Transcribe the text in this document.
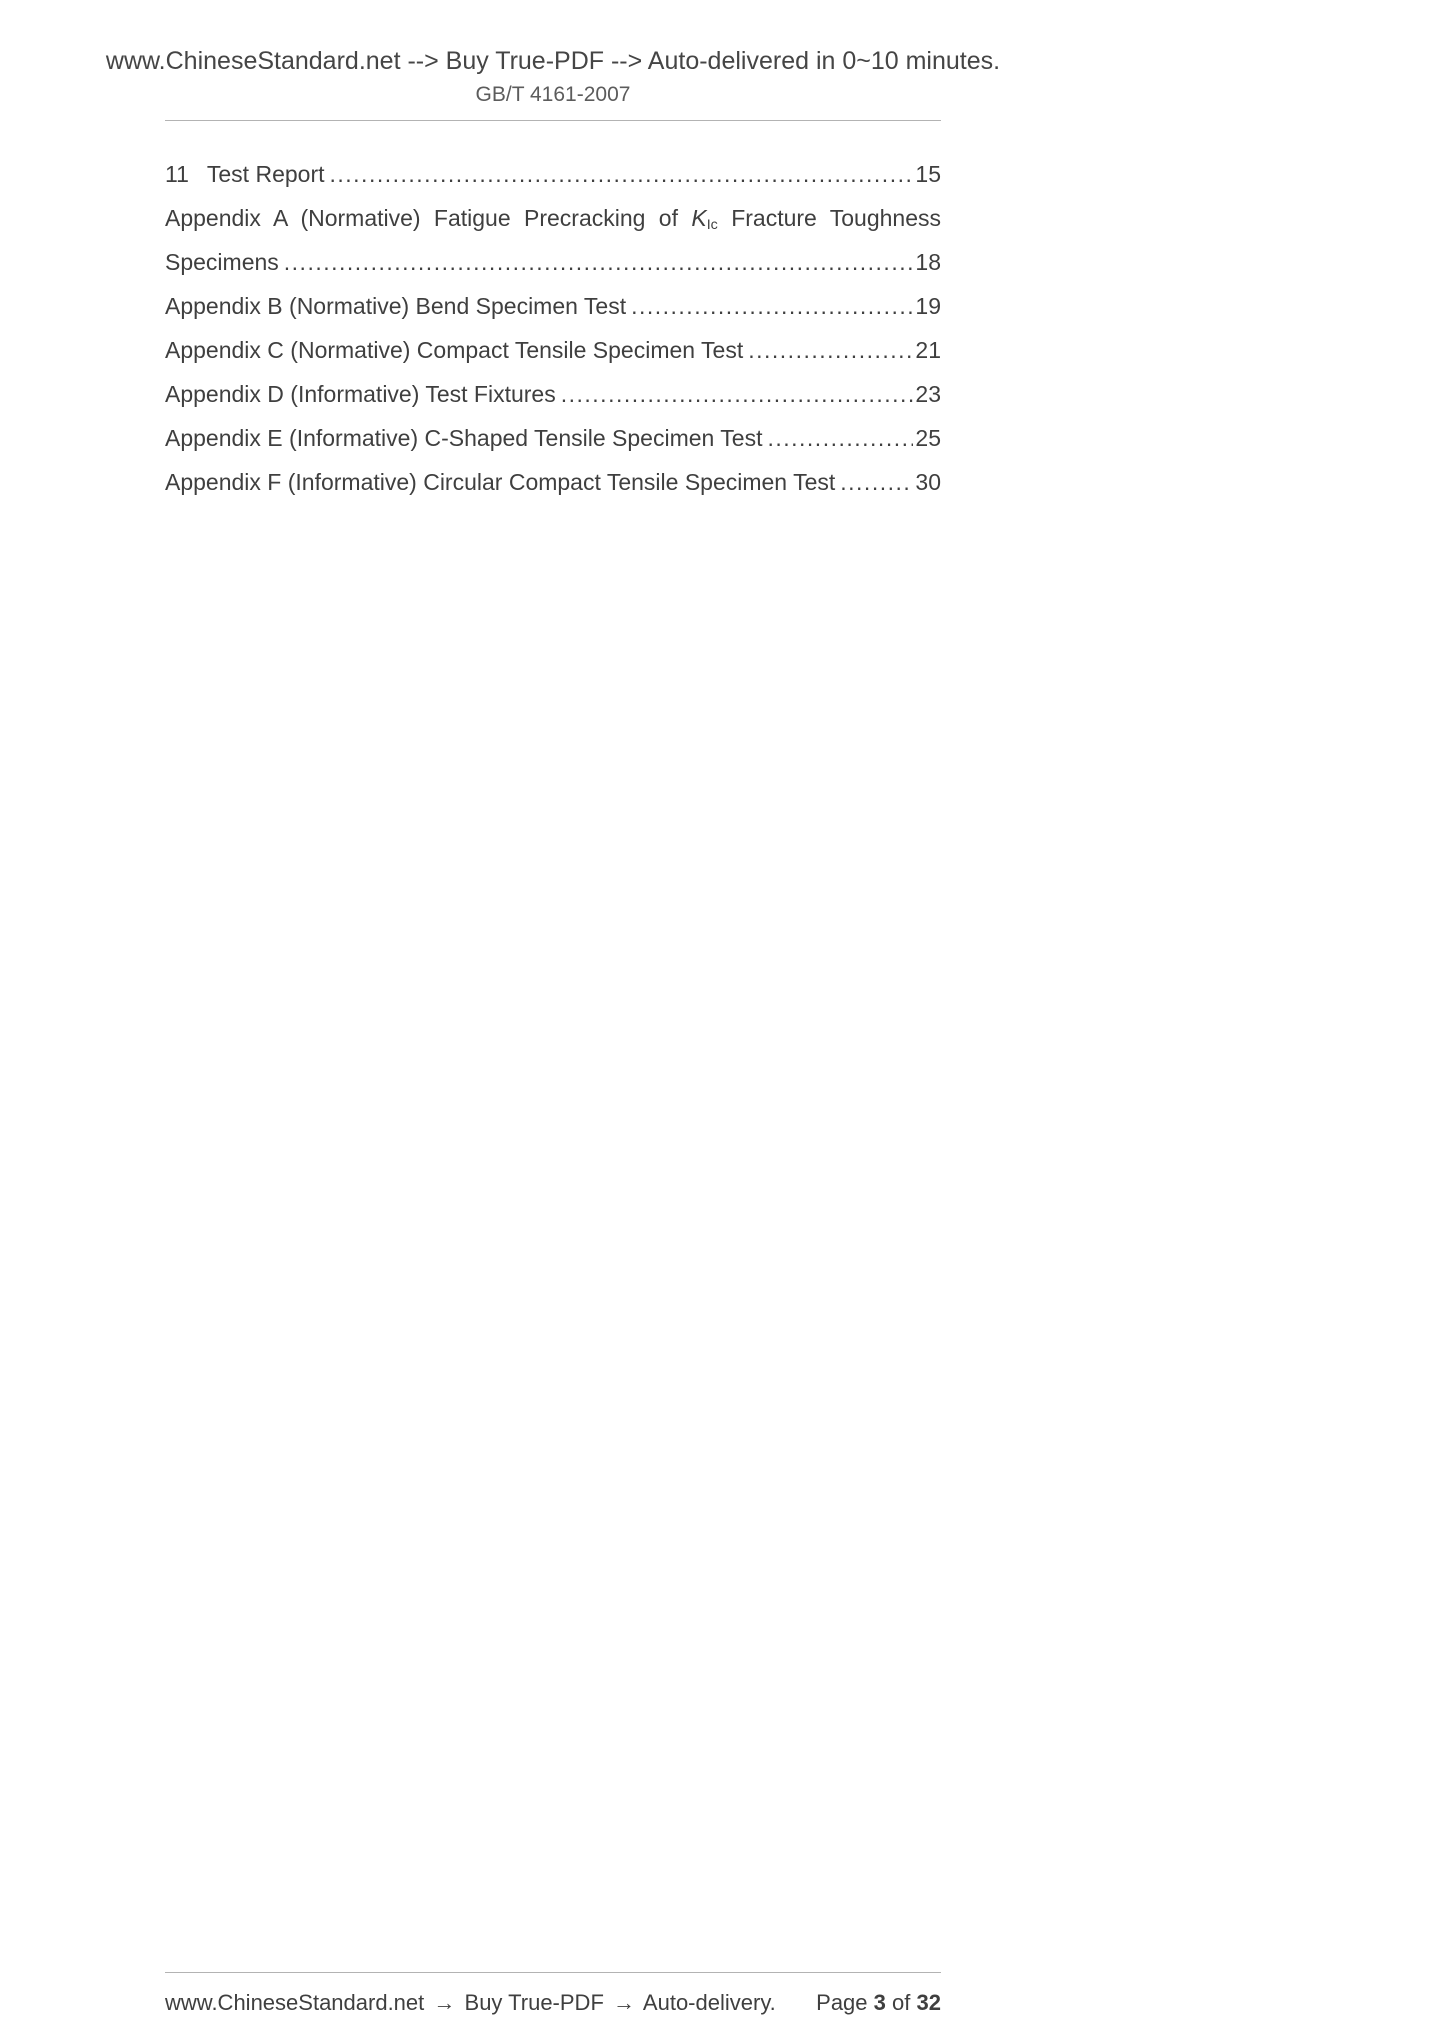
www.ChineseStandard.net --> Buy True-PDF --> Auto-delivered in 0~10 minutes.
GB/T 4161-2007
11 Test Report .....	15
Appendix A (Normative) Fatigue Precracking of $K_{Ic}$ Fracture Toughness
Specimens .....	18
Appendix B (Normative) Bend Specimen Test .....	19
Appendix C (Normative) Compact Tensile Specimen Test .....	21
Appendix D (Informative) Test Fixtures .....	23
Appendix E (Informative) C-Shaped Tensile Specimen Test .....	25
Appendix F (Informative) Circular Compact Tensile Specimen Test .....	30
www.ChineseStandard.net → Buy True-PDF → Auto-delivery. Page 3 of 32
